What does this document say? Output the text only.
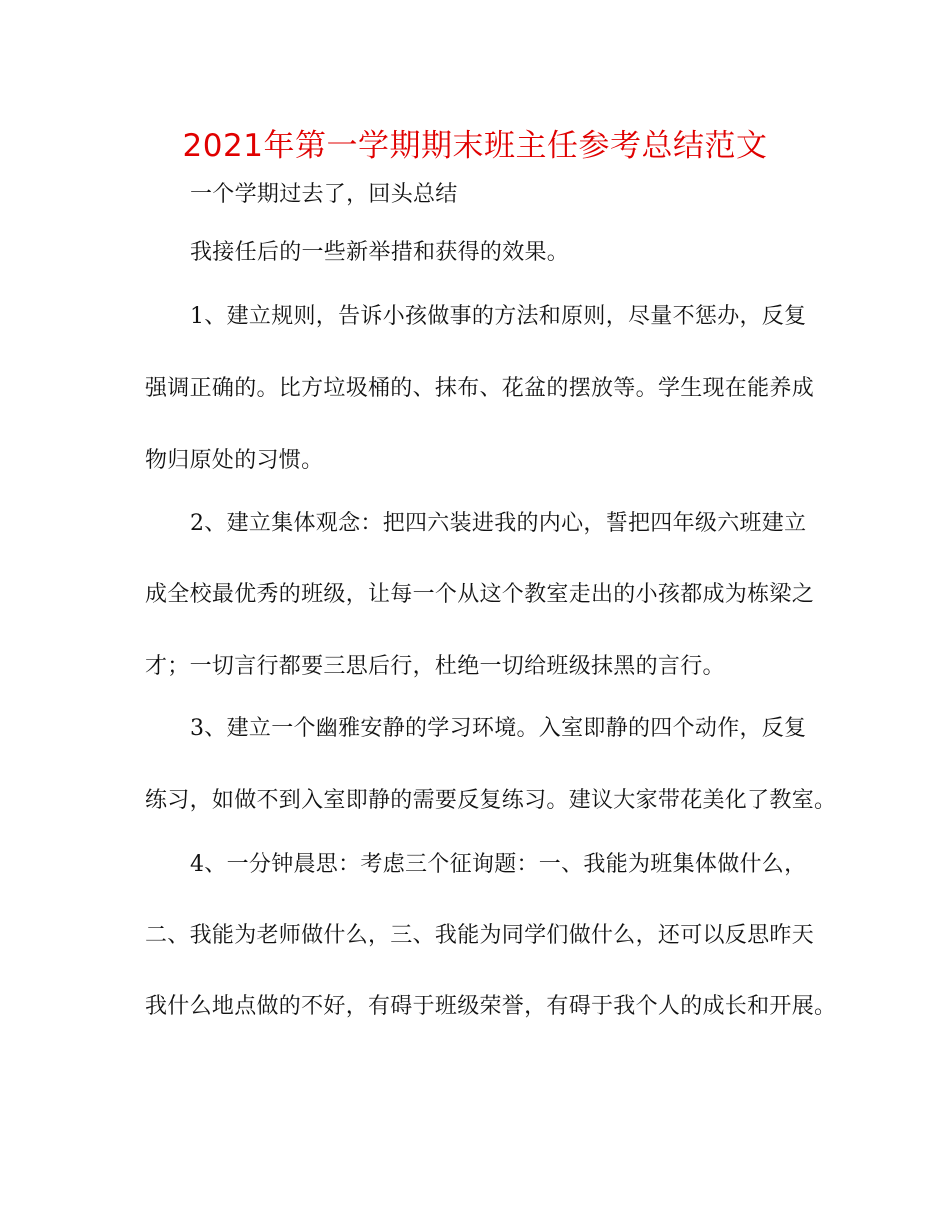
2021年第一学期期末班主任参考总结范文
一个学期过去了，回头总结
我接任后的一些新举措和获得的效果。
1、建立规则，告诉小孩做事的方法和原则，尽量不惩办，反复
强调正确的。比方垃圾桶的、抹布、花盆的摆放等。学生现在能养成
物归原处的习惯。
2、建立集体观念：把四六装进我的内心，誓把四年级六班建立
成全校最优秀的班级，让每一个从这个教室走出的小孩都成为栋梁之
才；一切言行都要三思后行，杜绝一切给班级抹黑的言行。
3、建立一个幽雅安静的学习环境。入室即静的四个动作，反复
练习，如做不到入室即静的需要反复练习。建议大家带花美化了教室。
4、一分钟晨思：考虑三个征询题：一、我能为班集体做什么，
二、我能为老师做什么，三、我能为同学们做什么，还可以反思昨天
我什么地点做的不好，有碍于班级荣誉，有碍于我个人的成长和开展。
